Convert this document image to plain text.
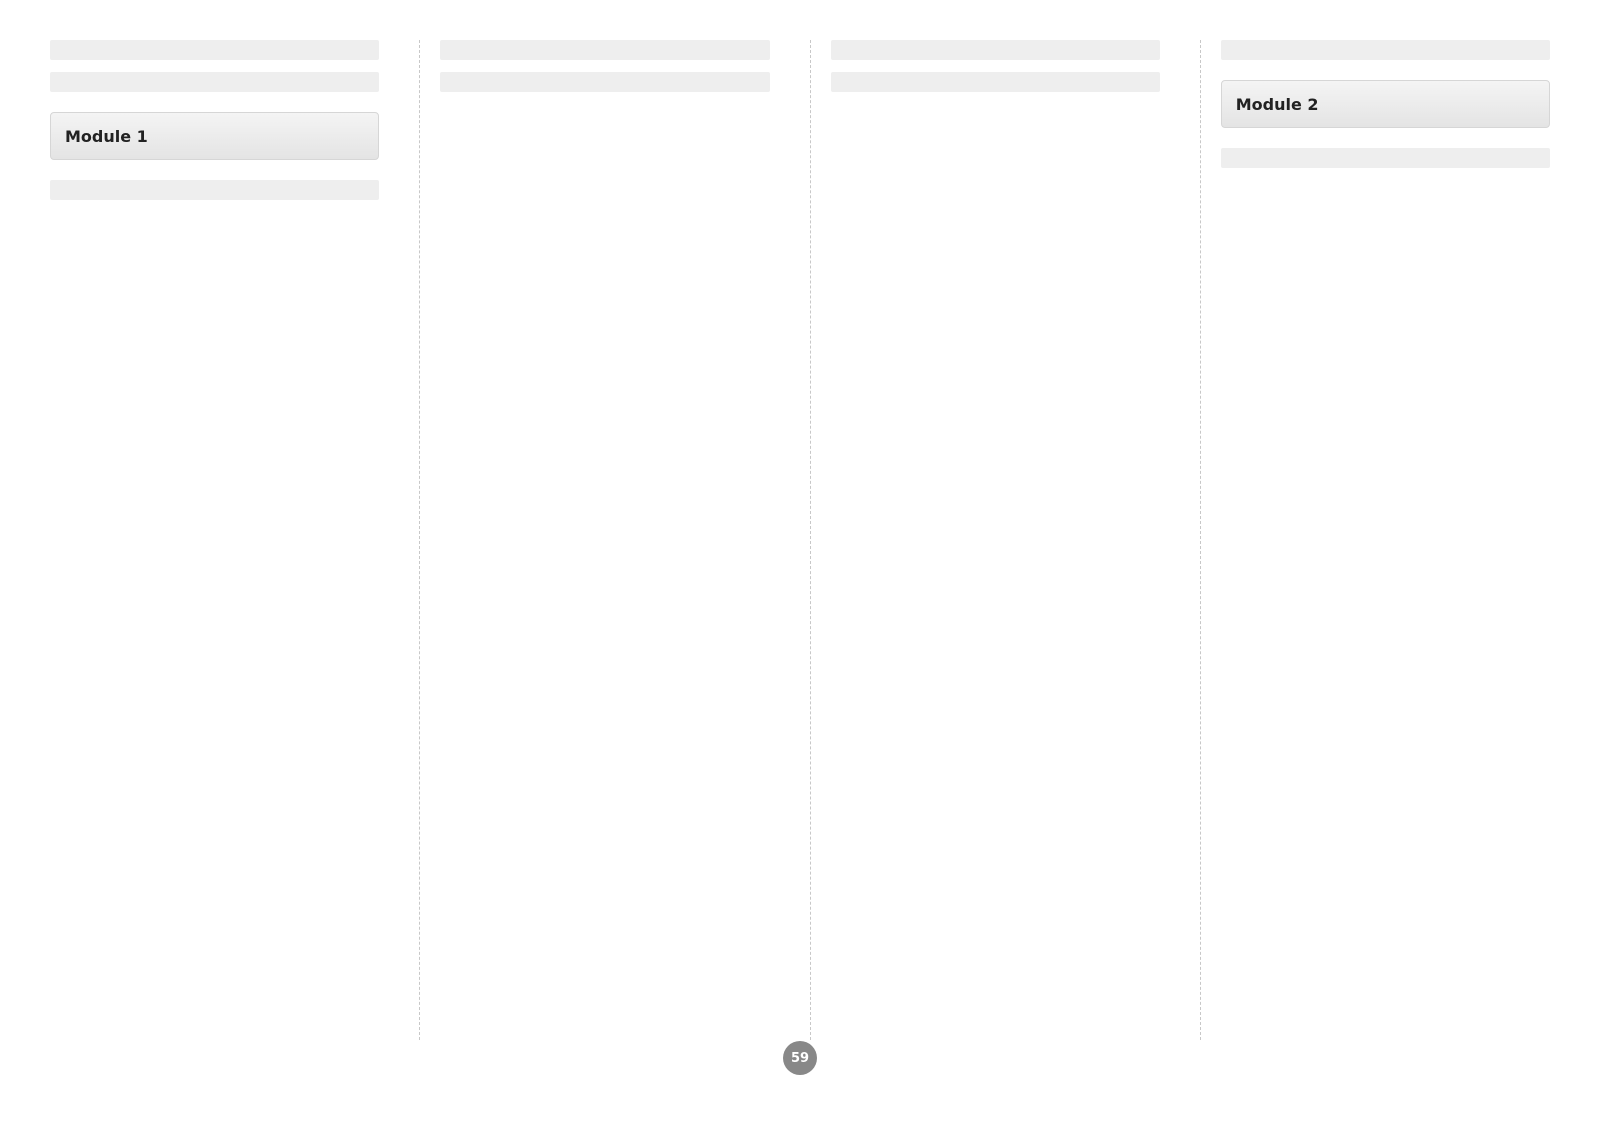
Module 1
Module 2
59
